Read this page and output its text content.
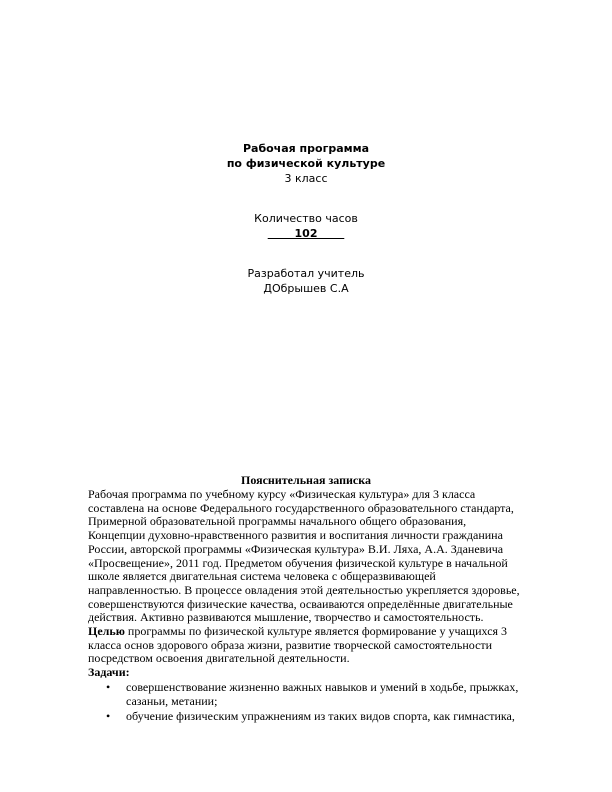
Рабочая программа
по физической культуре
3 класс
Количество часов
102
Разработал учитель
ДОбрышев С.А
Пояснительная записка

Рабочая программа по учебному курсу «Физическая культура» для 3 класса составлена на основе Федерального государственного образовательного стандарта, Примерной образовательной программы начального общего образования, Концепции духовно-нравственного развития и воспитания личности гражданина России, авторской программы «Физическая культура» В.И. Ляха, А.А. Зданевича «Просвещение», 2011 год. Предметом обучения физической культуре в начальной школе является двигательная система человека с общеразвивающей направленностью. В процессе овладения этой деятельностью укрепляется здоровье, совершенствуются физические качества, осваиваются определённые двигательные действия. Активно развиваются мышление, творчество и самостоятельность.

Целью программы по физической культуре является формирование у учащихся 3 класса основ здорового образа жизни, развитие творческой самостоятельности посредством освоения двигательной деятельности.

Задачи:

• совершенствование жизненно важных навыков и умений в ходьбе, прыжках, сазаньи, метании;
• обучение физическим упражнениям из таких видов спорта, как гимнастика,
